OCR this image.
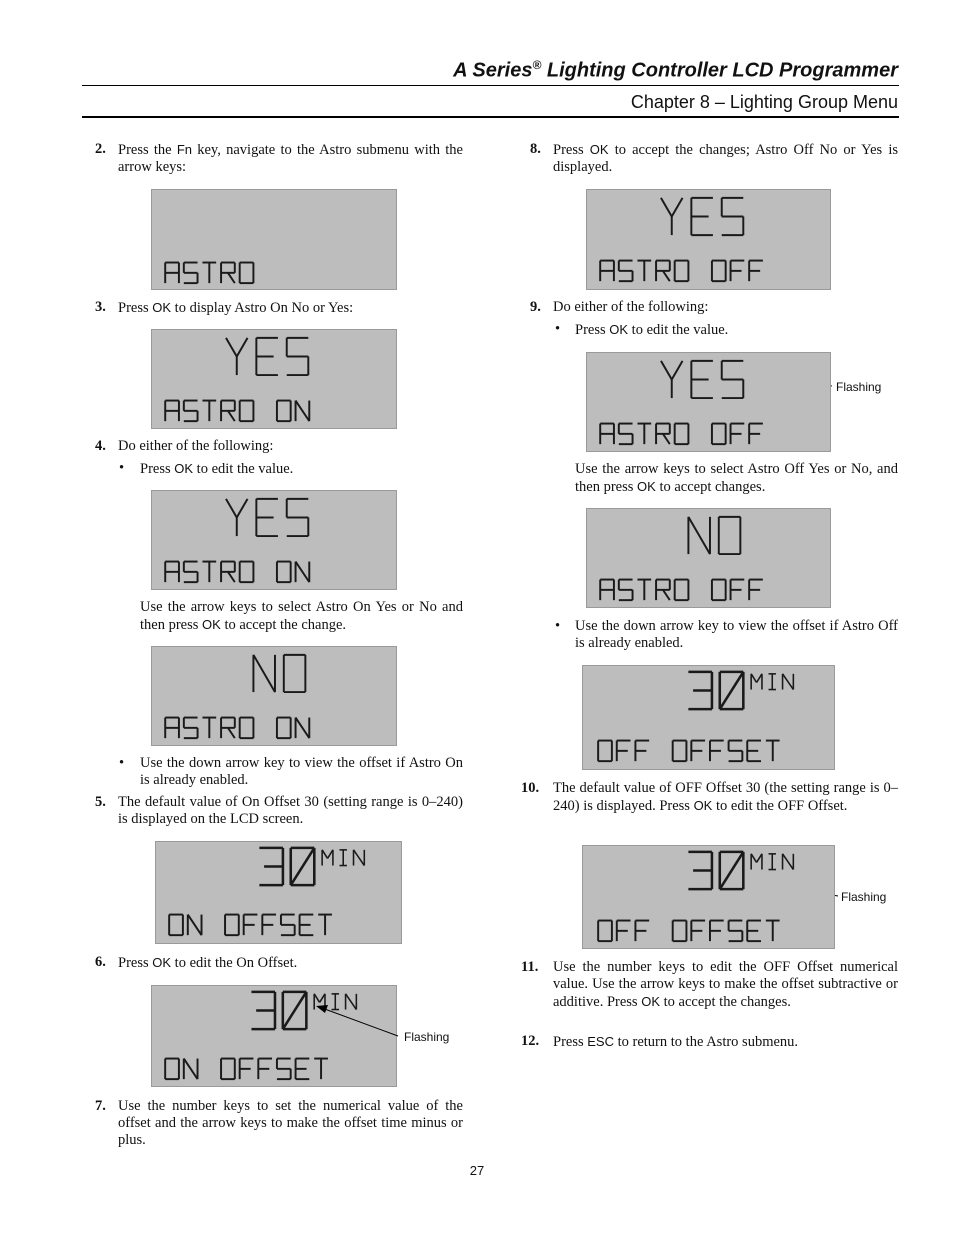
A Series® Lighting Controller LCD Programmer
Chapter 8 – Lighting Group Menu
2. Press the Fn key, navigate to the Astro submenu with the arrow keys:
3. Press OK to display Astro On No or Yes:
4. Do either of the following:
• Press OK to edit the value.
Use the arrow keys to select Astro On Yes or No and then press OK to accept the change.
• Use the down arrow key to view the offset if Astro On is already enabled.
5. The default value of On Offset 30 (setting range is 0–240) is displayed on the LCD screen.
6. Press OK to edit the On Offset.
Flashing
7. Use the number keys to set the numerical value of the offset and the arrow keys to make the offset time minus or plus.
8. Press OK to accept the changes; Astro Off No or Yes is displayed.
9. Do either of the following:
• Press OK to edit the value.
Flashing
Use the arrow keys to select Astro Off Yes or No, and then press OK to accept changes.
• Use the down arrow key to view the offset if Astro Off is already enabled.
10. The default value of OFF Offset 30 (the setting range is 0–240) is displayed. Press OK to edit the OFF Offset.
Flashing
11. Use the number keys to edit the OFF Offset numerical value. Use the arrow keys to make the offset subtractive or additive. Press OK to accept the changes.
12. Press ESC to return to the Astro submenu.
27
